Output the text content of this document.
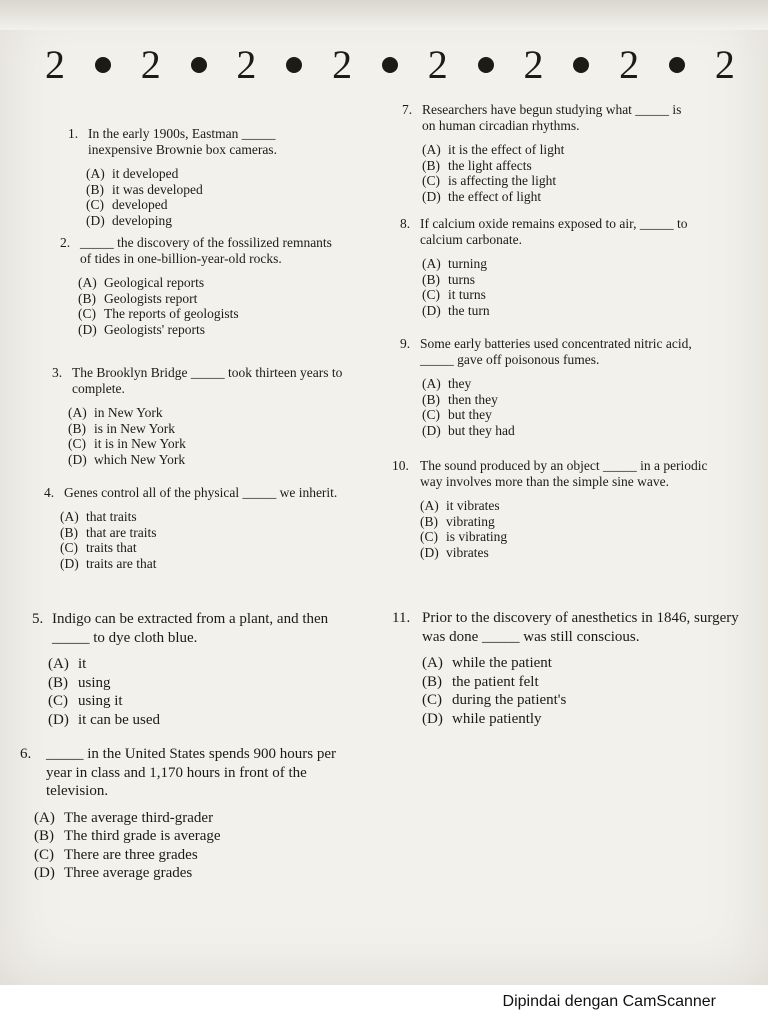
2 2 2 2 2 2 2 2
1. In the early 1900s, Eastman _____ inexpensive Brownie box cameras.
(A) it developed
(B) it was developed
(C) developed
(D) developing
2. _____ the discovery of the fossilized remnants of tides in one-billion-year-old rocks.
(A) Geological reports
(B) Geologists report
(C) The reports of geologists
(D) Geologists' reports
3. The Brooklyn Bridge _____ took thirteen years to complete.
(A) in New York
(B) is in New York
(C) it is in New York
(D) which New York
4. Genes control all of the physical _____ we inherit.
(A) that traits
(B) that are traits
(C) traits that
(D) traits are that
5. Indigo can be extracted from a plant, and then _____ to dye cloth blue.
(A) it
(B) using
(C) using it
(D) it can be used
6. _____ in the United States spends 900 hours per year in class and 1,170 hours in front of the television.
(A) The average third-grader
(B) The third grade is average
(C) There are three grades
(D) Three average grades
7. Researchers have begun studying what _____ is on human circadian rhythms.
(A) it is the effect of light
(B) the light affects
(C) is affecting the light
(D) the effect of light
8. If calcium oxide remains exposed to air, _____ to calcium carbonate.
(A) turning
(B) turns
(C) it turns
(D) the turn
9. Some early batteries used concentrated nitric acid, _____ gave off poisonous fumes.
(A) they
(B) then they
(C) but they
(D) but they had
10. The sound produced by an object _____ in a periodic way involves more than the simple sine wave.
(A) it vibrates
(B) vibrating
(C) is vibrating
(D) vibrates
11. Prior to the discovery of anesthetics in 1846, surgery was done _____ was still conscious.
(A) while the patient
(B) the patient felt
(C) during the patient's
(D) while patiently
Dipindai dengan CamScanner
